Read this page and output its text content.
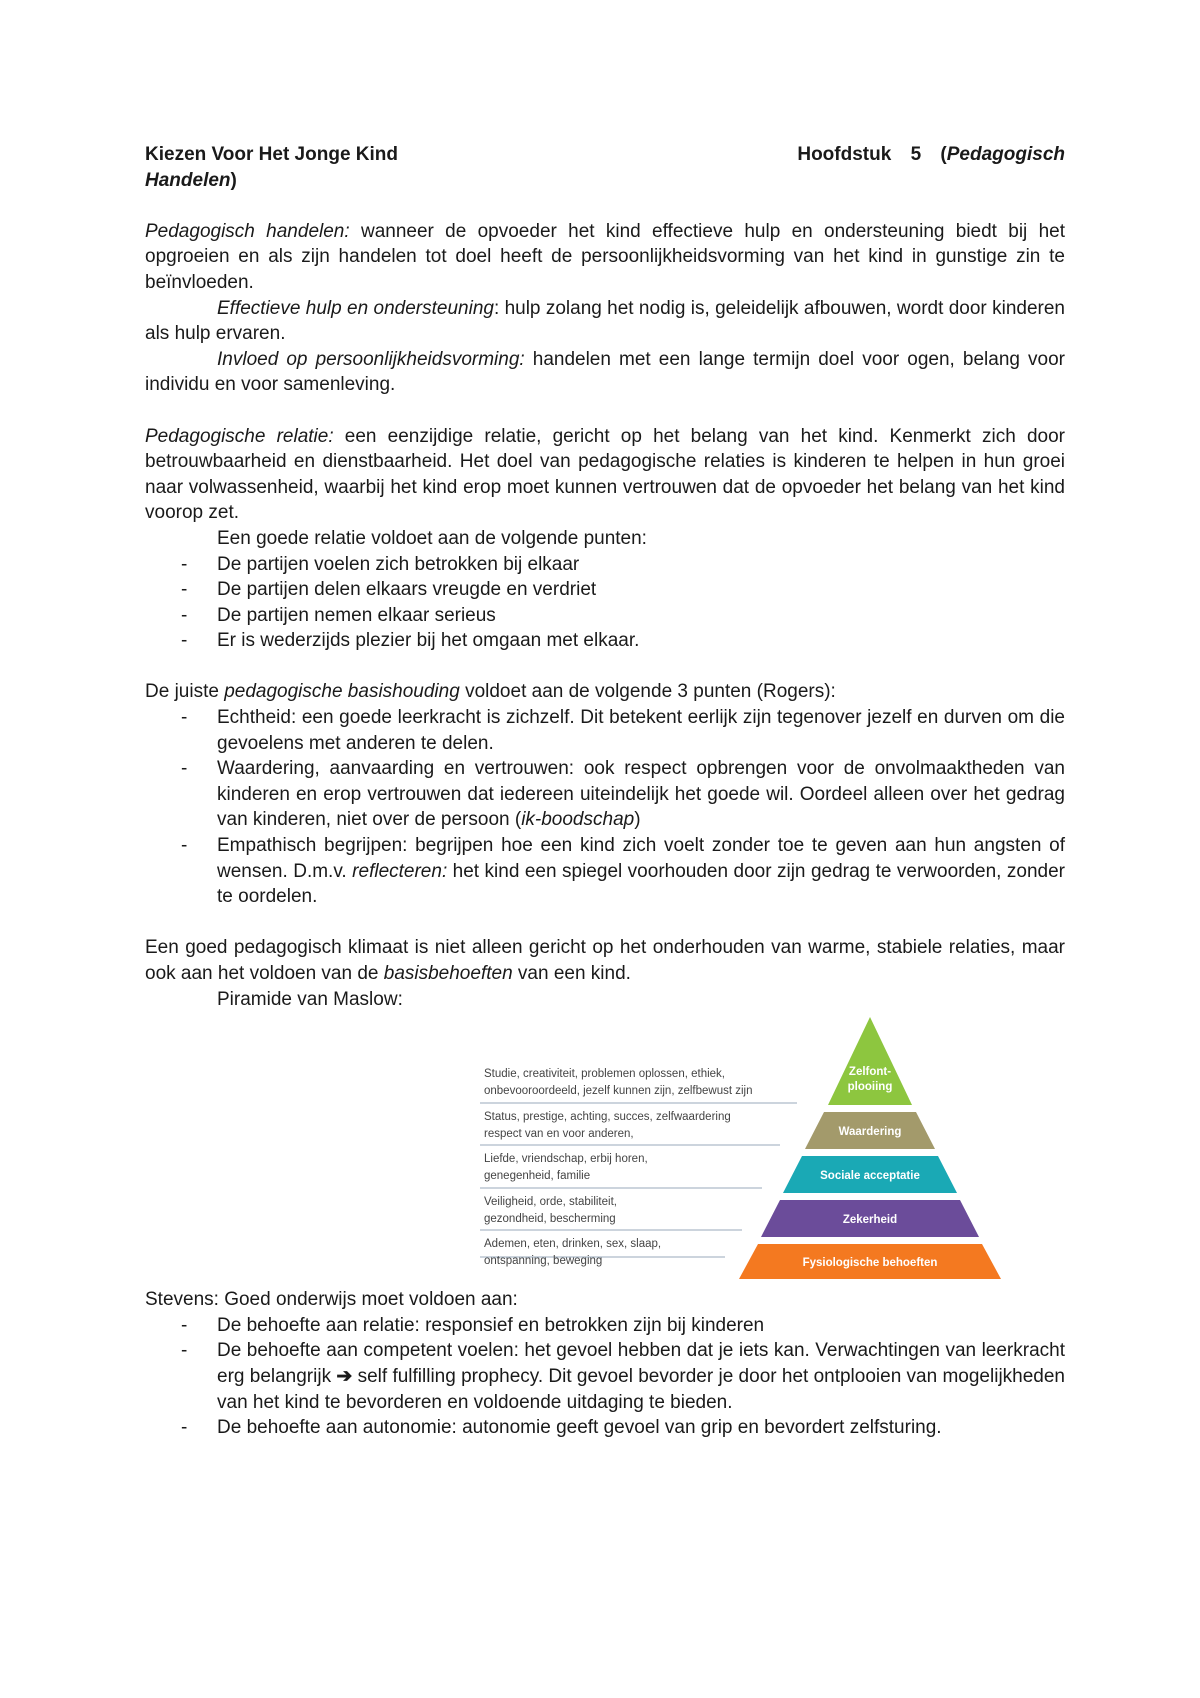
Kiezen Voor Het Jonge Kind	Hoofdstuk 5 (Pedagogisch

Handelen)

Pedagogisch handelen: wanneer de opvoeder het kind effectieve hulp en ondersteuning biedt bij het opgroeien en als zijn handelen tot doel heeft de persoonlijkheidsvorming van het kind in gunstige zin te beïnvloeden.

Effectieve hulp en ondersteuning: hulp zolang het nodig is, geleidelijk afbouwen, wordt door kinderen als hulp ervaren.

Invloed op persoonlijkheidsvorming: handelen met een lange termijn doel voor ogen, belang voor individu en voor samenleving.

Pedagogische relatie: een eenzijdige relatie, gericht op het belang van het kind. Kenmerkt zich door betrouwbaarheid en dienstbaarheid. Het doel van pedagogische relaties is kinderen te helpen in hun groei naar volwassenheid, waarbij het kind erop moet kunnen vertrouwen dat de opvoeder het belang van het kind voorop zet.

Een goede relatie voldoet aan de volgende punten:

- De partijen voelen zich betrokken bij elkaar
- De partijen delen elkaars vreugde en verdriet
- De partijen nemen elkaar serieus
- Er is wederzijds plezier bij het omgaan met elkaar.

De juiste pedagogische basishouding voldoet aan de volgende 3 punten (Rogers):

- Echtheid: een goede leerkracht is zichzelf. Dit betekent eerlijk zijn tegenover jezelf en durven om die gevoelens met anderen te delen.
- Waardering, aanvaarding en vertrouwen: ook respect opbrengen voor de onvolmaaktheden van kinderen en erop vertrouwen dat iedereen uiteindelijk het goede wil. Oordeel alleen over het gedrag van kinderen, niet over de persoon (ik-boodschap)
- Empathisch begrijpen: begrijpen hoe een kind zich voelt zonder toe te geven aan hun angsten of wensen. D.m.v. reflecteren: het kind een spiegel voorhouden door zijn gedrag te verwoorden, zonder te oordelen.

Een goed pedagogisch klimaat is niet alleen gericht op het onderhouden van warme, stabiele relaties, maar ook aan het voldoen van de basisbehoeften van een kind.

Piramide van Maslow:

Studie, creativiteit, problemen oplossen, ethiek,
onbevooroordeeld, jezelf kunnen zijn, zelfbewust zijn
Status, prestige, achting, succes, zelfwaardering
respect van en voor anderen,
Liefde, vriendschap, erbij horen,
genegenheid, familie
Veiligheid, orde, stabiliteit,
gezondheid, bescherming
Ademen, eten, drinken, sex, slaap,
ontspanning, beweging
Zelfont-
plooiing
Waardering
Sociale acceptatie
Zekerheid
Fysiologische behoeften

Stevens: Goed onderwijs moet voldoen aan:

- De behoefte aan relatie: responsief en betrokken zijn bij kinderen
- De behoefte aan competent voelen: het gevoel hebben dat je iets kan. Verwachtingen van leerkracht erg belangrijk ➔ self fulfilling prophecy. Dit gevoel bevorder je door het ontplooien van mogelijkheden van het kind te bevorderen en voldoende uitdaging te bieden.
- De behoefte aan autonomie: autonomie geeft gevoel van grip en bevordert zelfsturing.
